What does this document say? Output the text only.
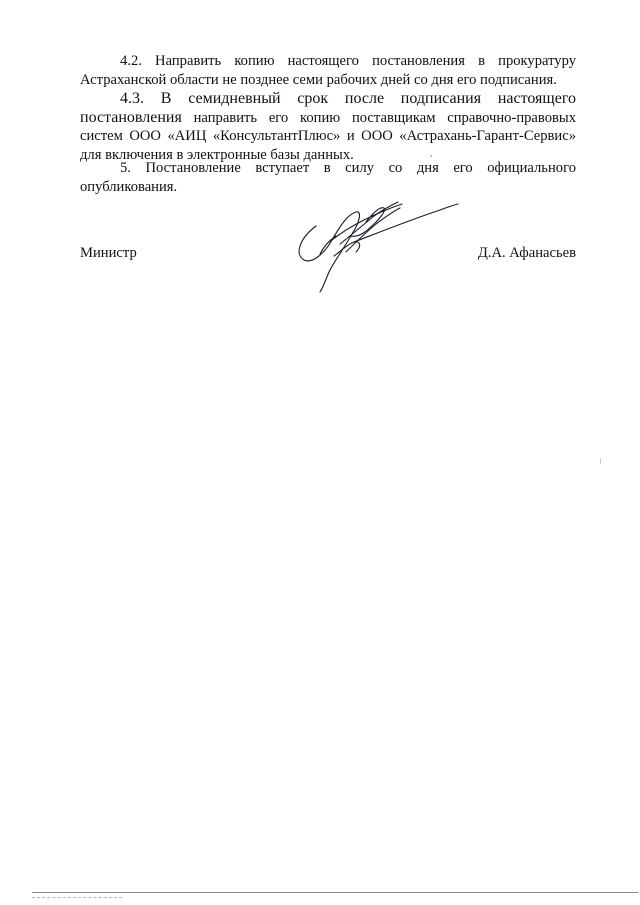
4.2. Направить копию настоящего постановления в прокуратуру Астраханской области не позднее семи рабочих дней со дня его подписания.

4.3. В семидневный срок после подписания настоящего постановления направить его копию поставщикам справочно-правовых систем ООО «АИЦ «КонсультантПлюс» и ООО «Астрахань-Гарант-Сервис» для включения в электронные базы данных.

5. Постановление вступает в силу со дня его официального опубликования.

Министр	Д.А. Афанасьев
